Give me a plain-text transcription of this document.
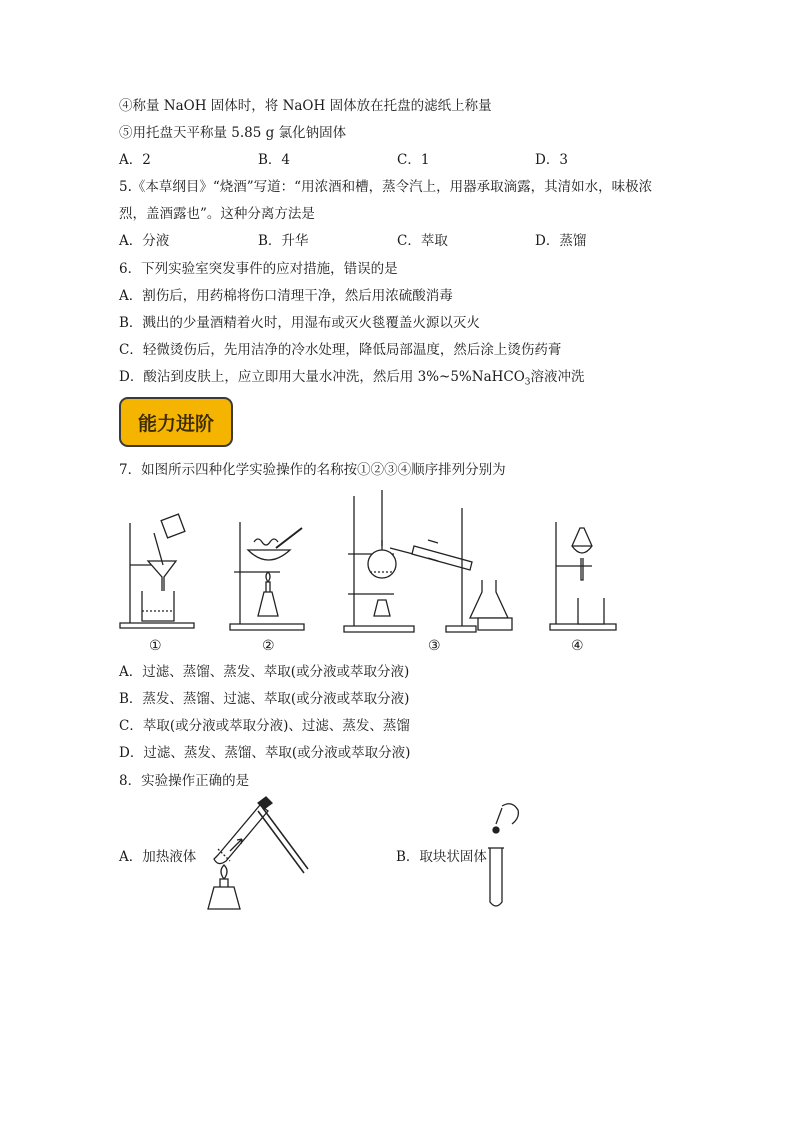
④称量 NaOH 固体时，将 NaOH 固体放在托盘的滤纸上称量
⑤用托盘天平称量 5.85 g 氯化钠固体
A．2	B．4	C．1	D．3
5.《本草纲目》“烧酒”写道：“用浓酒和槽，蒸令汽上，用器承取滴露，其清如水，味极浓
烈，盖酒露也”。这种分离方法是
A．分液	B．升华	C．萃取	D．蒸馏
6．下列实验室突发事件的应对措施，错误的是
A．割伤后，用药棉将伤口清理干净，然后用浓硫酸消毒
B．溅出的少量酒精着火时，用湿布或灭火毯覆盖火源以灭火
C．轻微烫伤后，先用洁净的冷水处理，降低局部温度，然后涂上烫伤药膏
D．酸沾到皮肤上，应立即用大量水冲洗，然后用 3%~5%NaHCO$_3$溶液冲洗
能力进阶
7．如图所示四种化学实验操作的名称按①②③④顺序排列分别为
①	②	③	④
A．过滤、蒸馏、蒸发、萃取(或分液或萃取分液)
B．蒸发、蒸馏、过滤、萃取(或分液或萃取分液)
C．萃取(或分液或萃取分液)、过滤、蒸发、蒸馏
D．过滤、蒸发、蒸馏、萃取(或分液或萃取分液)
8．实验操作正确的是
A．加热液体	B．取块状固体
